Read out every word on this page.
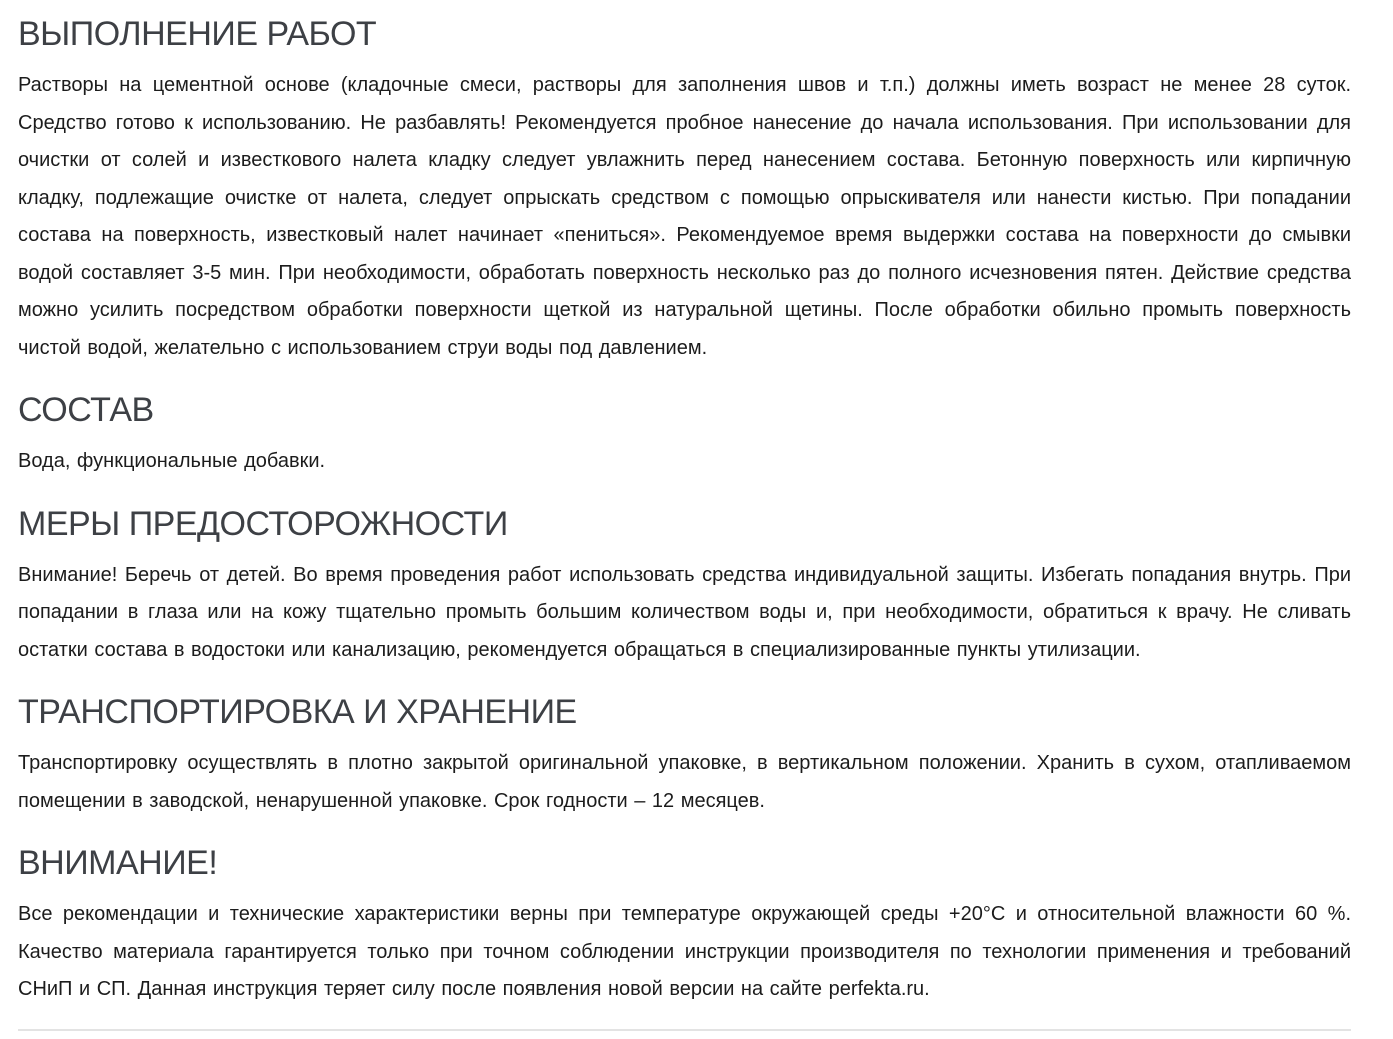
ВЫПОЛНЕНИЕ РАБОТ

Растворы на цементной основе (кладочные смеси, растворы для заполнения швов и т.п.) должны иметь возраст не менее 28 суток. Средство готово к использованию. Не разбавлять! Рекомендуется пробное нанесение до начала использования. При использовании для очистки от солей и известкового налета кладку следует увлажнить перед нанесением состава. Бетонную поверхность или кирпичную кладку, подлежащие очистке от налета, следует опрыскать средством с помощью опрыскивателя или нанести кистью. При попадании состава на поверхность, известковый налет начинает «пениться». Рекомендуемое время выдержки состава на поверхности до смывки водой составляет 3-5 мин. При необходимости, обработать поверхность несколько раз до полного исчезновения пятен. Действие средства можно усилить посредством обработки поверхности щеткой из натуральной щетины. После обработки обильно промыть поверхность чистой водой, желательно с использованием струи воды под давлением.

СОСТАВ

Вода, функциональные добавки.

МЕРЫ ПРЕДОСТОРОЖНОСТИ

Внимание! Беречь от детей. Во время проведения работ использовать средства индивидуальной защиты. Избегать попадания внутрь. При попадании в глаза или на кожу тщательно промыть большим количеством воды и, при необходимости, обратиться к врачу. Не сливать остатки состава в водостоки или канализацию, рекомендуется обращаться в специализированные пункты утилизации.

ТРАНСПОРТИРОВКА И ХРАНЕНИЕ

Транспортировку осуществлять в плотно закрытой оригинальной упаковке, в вертикальном положении. Хранить в сухом, отапливаемом помещении в заводской, ненарушенной упаковке. Срок годности – 12 месяцев.

ВНИМАНИЕ!

Все рекомендации и технические характеристики верны при температуре окружающей среды +20°С и относительной влажности 60 %. Качество материала гарантируется только при точном соблюдении инструкции производителя по технологии применения и требований СНиП и СП. Данная инструкция теряет силу после появления новой версии на сайте perfekta.ru.
